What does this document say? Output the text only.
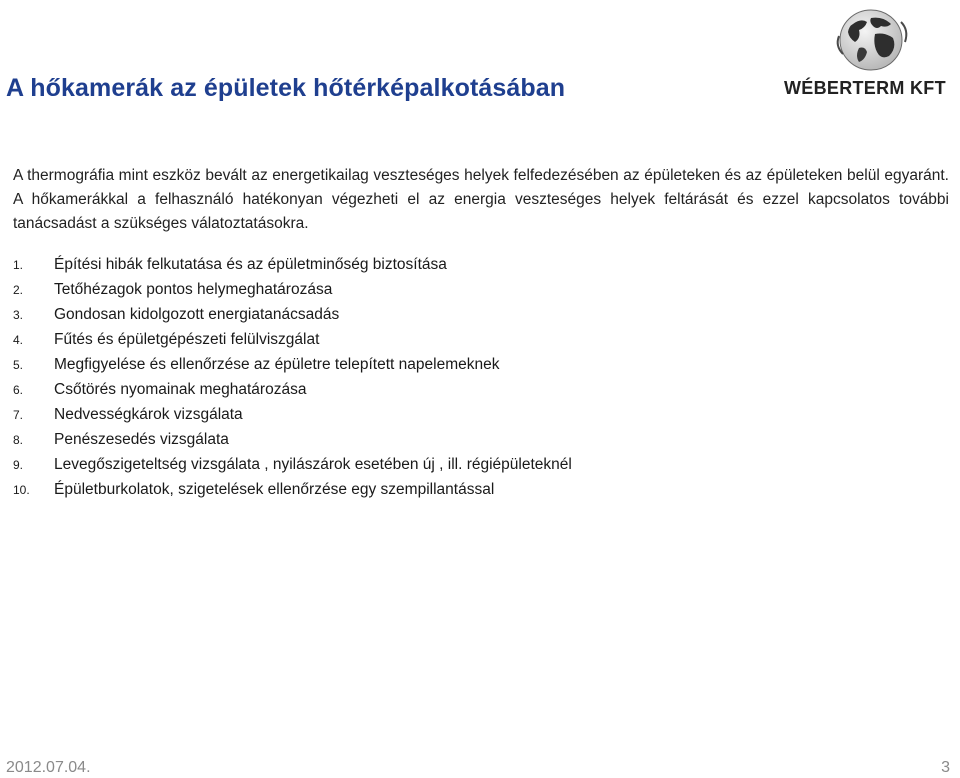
A hőkamerák az épületek hőtérképalkotásában	WÉBERTERM KFT
A thermográfia mint eszköz bevált az energetikailag veszteséges helyek felfedezésében az épületeken és az épületeken belül egyaránt. A hőkamerákkal a felhasználó hatékonyan végezheti el az energia veszteséges helyek feltárását és ezzel kapcsolatos további tanácsadást a szükséges válatoztatásokra.
1. Építési hibák felkutatása és az épületminőség biztosítása
2. Tetőhézagok pontos helymeghatározása
3. Gondosan kidolgozott energiatanácsadás
4. Fűtés és épületgépészeti felülviszgálat
5. Megfigyelése és ellenőrzése az épületre telepített napelemeknek
6. Csőtörés nyomainak meghatározása
7. Nedvességkárok vizsgálata
8. Penészesedés vizsgálata
9. Levegőszigeteltség vizsgálata , nyilászárok esetében új , ill. régiépületeknél
10. Épületburkolatok, szigetelések ellenőrzése egy szempillantással
2012.07.04.	3
